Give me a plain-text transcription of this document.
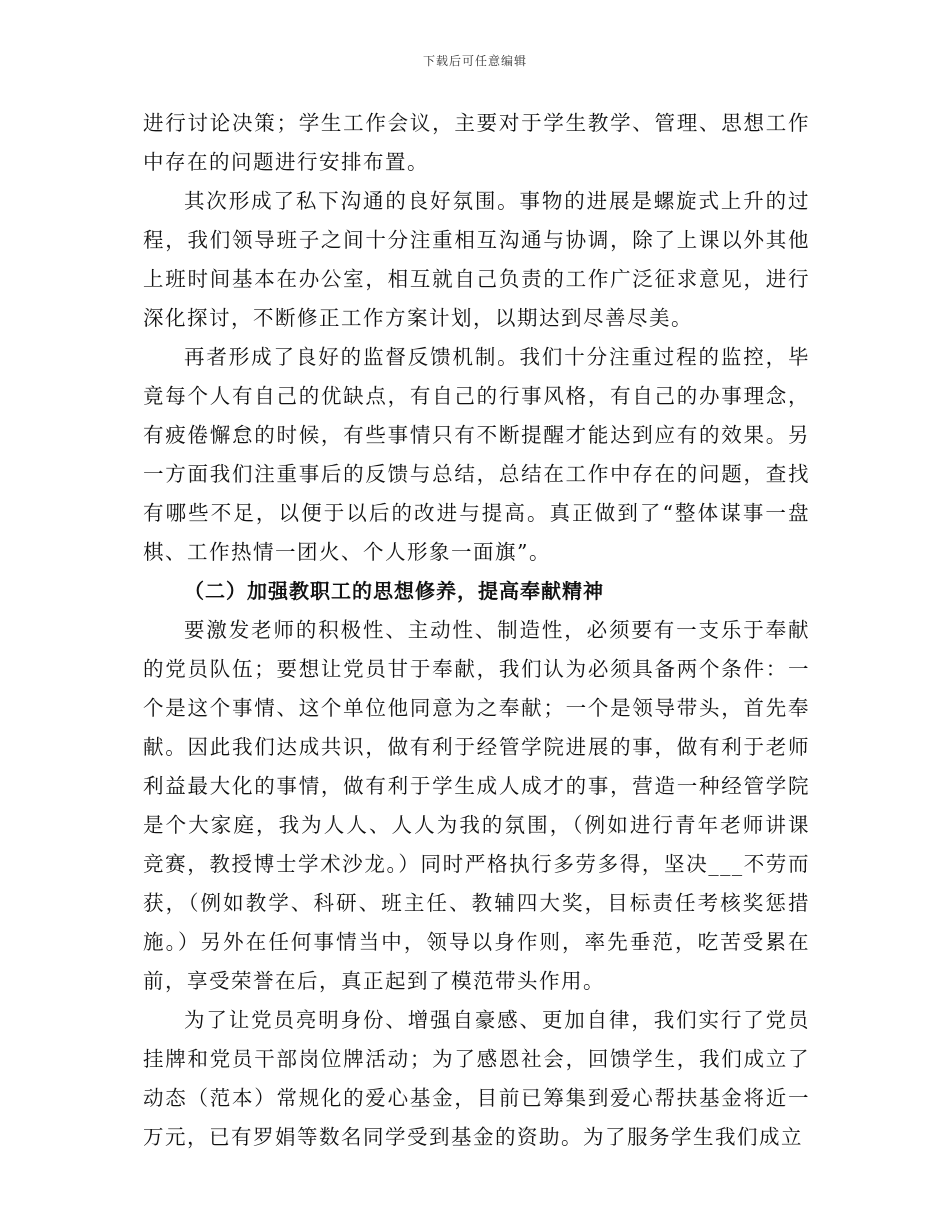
下载后可任意编辑

进行讨论决策；学生工作会议，主要对于学生教学、管理、思想工作中存在的问题进行安排布置。

其次形成了私下沟通的良好氛围。事物的进展是螺旋式上升的过程，我们领导班子之间十分注重相互沟通与协调，除了上课以外其他上班时间基本在办公室，相互就自己负责的工作广泛征求意见，进行深化探讨，不断修正工作方案计划，以期达到尽善尽美。

再者形成了良好的监督反馈机制。我们十分注重过程的监控，毕竟每个人有自己的优缺点，有自己的行事风格，有自己的办事理念，有疲倦懈怠的时候，有些事情只有不断提醒才能达到应有的效果。另一方面我们注重事后的反馈与总结，总结在工作中存在的问题，查找有哪些不足，以便于以后的改进与提高。真正做到了“整体谋事一盘棋、工作热情一团火、个人形象一面旗”。

（二）加强教职工的思想修养，提高奉献精神

要激发老师的积极性、主动性、制造性，必须要有一支乐于奉献的党员队伍；要想让党员甘于奉献，我们认为必须具备两个条件：一个是这个事情、这个单位他同意为之奉献；一个是领导带头，首先奉献。因此我们达成共识，做有利于经管学院进展的事，做有利于老师利益最大化的事情，做有利于学生成人成才的事，营造一种经管学院是个大家庭，我为人人、人人为我的氛围，（例如进行青年老师讲课竞赛，教授博士学术沙龙。）同时严格执行多劳多得，坚决___不劳而获，（例如教学、科研、班主任、教辅四大奖，目标责任考核奖惩措施。）另外在任何事情当中，领导以身作则，率先垂范，吃苦受累在前，享受荣誉在后，真正起到了模范带头作用。

为了让党员亮明身份、增强自豪感、更加自律，我们实行了党员挂牌和党员干部岗位牌活动；为了感恩社会，回馈学生，我们成立了动态（范本）常规化的爱心基金，目前已筹集到爱心帮扶基金将近一万元，已有罗娟等数名同学受到基金的资助。为了服务学生我们成立
